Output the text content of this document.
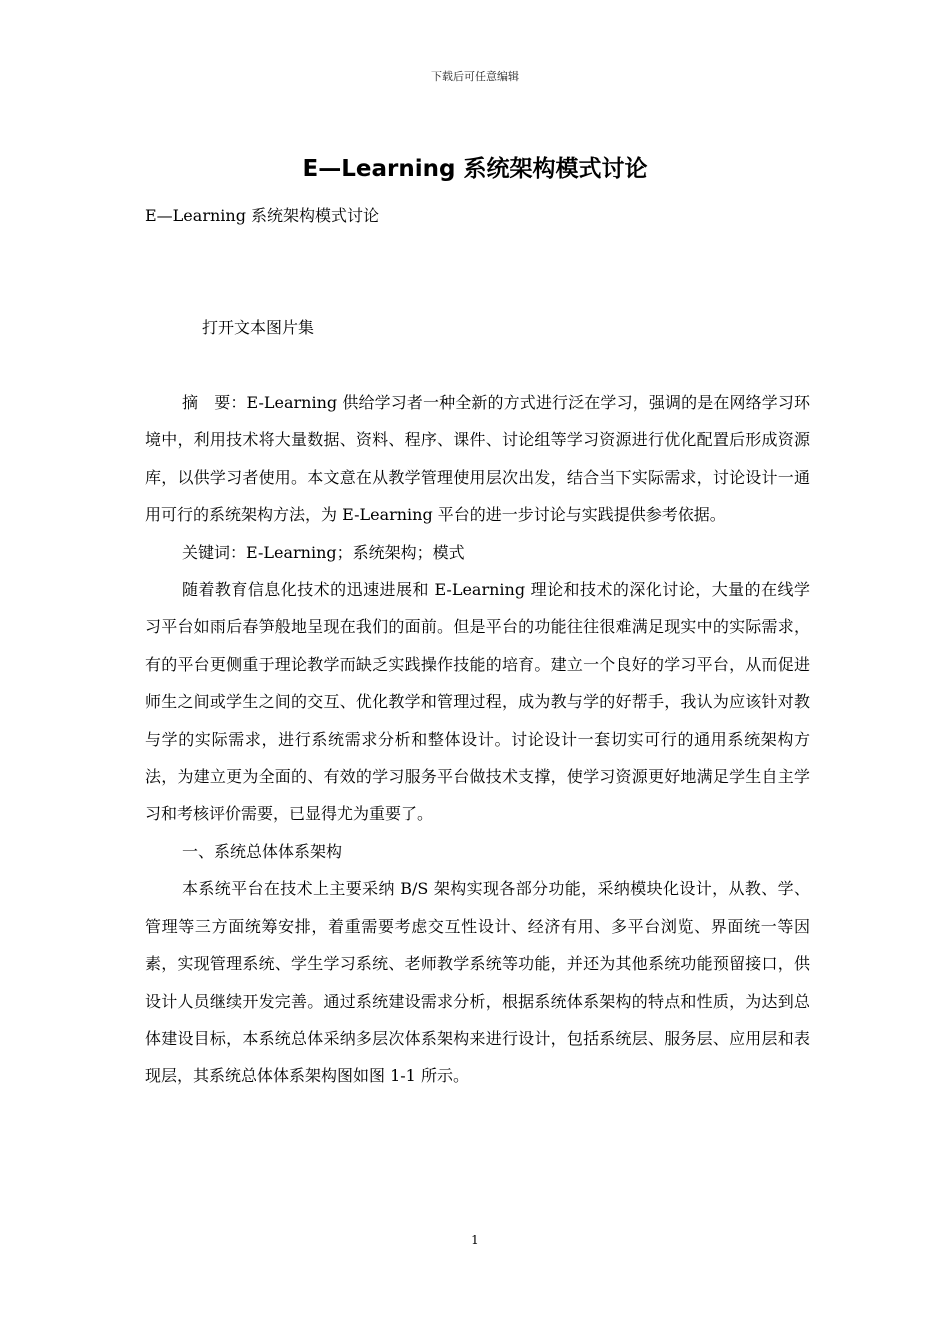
下载后可任意编辑
E—Learning 系统架构模式讨论
E—Learning 系统架构模式讨论
打开文本图片集

摘　要：E-Learning 供给学习者一种全新的方式进行泛在学习，强调的是在网络学习环境中，利用技术将大量数据、资料、程序、课件、讨论组等学习资源进行优化配置后形成资源库，以供学习者使用。本文意在从教学管理使用层次出发，结合当下实际需求，讨论设计一通用可行的系统架构方法，为 E-Learning 平台的进一步讨论与实践提供参考依据。

关键词：E-Learning；系统架构；模式

随着教育信息化技术的迅速进展和 E-Learning 理论和技术的深化讨论，大量的在线学习平台如雨后春笋般地呈现在我们的面前。但是平台的功能往往很难满足现实中的实际需求，有的平台更侧重于理论教学而缺乏实践操作技能的培育。建立一个良好的学习平台，从而促进师生之间或学生之间的交互、优化教学和管理过程，成为教与学的好帮手，我认为应该针对教与学的实际需求，进行系统需求分析和整体设计。讨论设计一套切实可行的通用系统架构方法，为建立更为全面的、有效的学习服务平台做技术支撑，使学习资源更好地满足学生自主学习和考核评价需要，已显得尤为重要了。

一、系统总体体系架构

本系统平台在技术上主要采纳 B/S 架构实现各部分功能，采纳模块化设计，从教、学、管理等三方面统筹安排，着重需要考虑交互性设计、经济有用、多平台浏览、界面统一等因素，实现管理系统、学生学习系统、老师教学系统等功能，并还为其他系统功能预留接口，供设计人员继续开发完善。通过系统建设需求分析，根据系统体系架构的特点和性质，为达到总体建设目标，本系统总体采纳多层次体系架构来进行设计，包括系统层、服务层、应用层和表现层，其系统总体体系架构图如图 1-1 所示。

1
